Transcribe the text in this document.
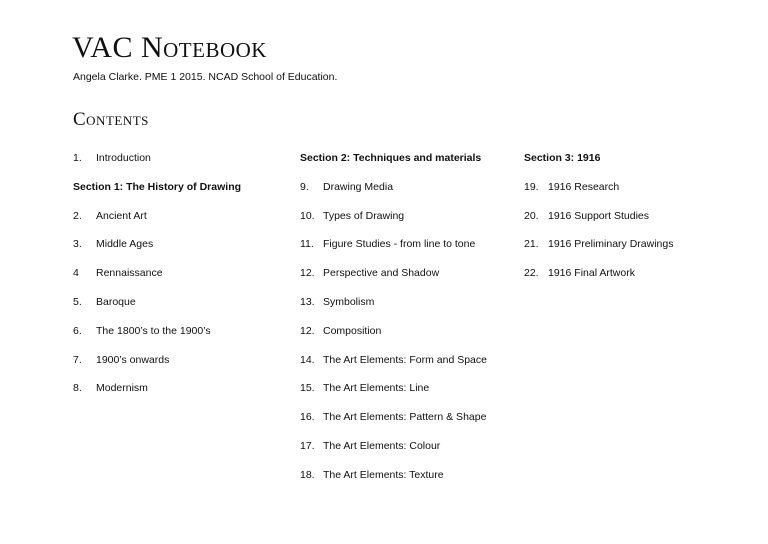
VAC Notebook
Angela Clarke. PME 1 2015. NCAD School of Education.
Contents
1.	Introduction
Section 1: The History of Drawing
2.	Ancient Art
3.	Middle Ages
4	Rennaissance
5.	Baroque
6.	The 1800’s to the 1900’s
7.	1900’s onwards
8.	Modernism
Section 2: Techniques and materials
9.	Drawing Media
10. Types of Drawing
11. Figure Studies - from line to tone
12. Perspective and Shadow
13. Symbolism
12. Composition
14. The Art Elements: Form and Space
15. The Art Elements: Line
16. The Art Elements: Pattern & Shape
17. The Art Elements: Colour
18. The Art Elements: Texture
Section 3: 1916
19. 1916 Research
20. 1916 Support Studies
21. 1916 Preliminary Drawings
22. 1916 Final Artwork
